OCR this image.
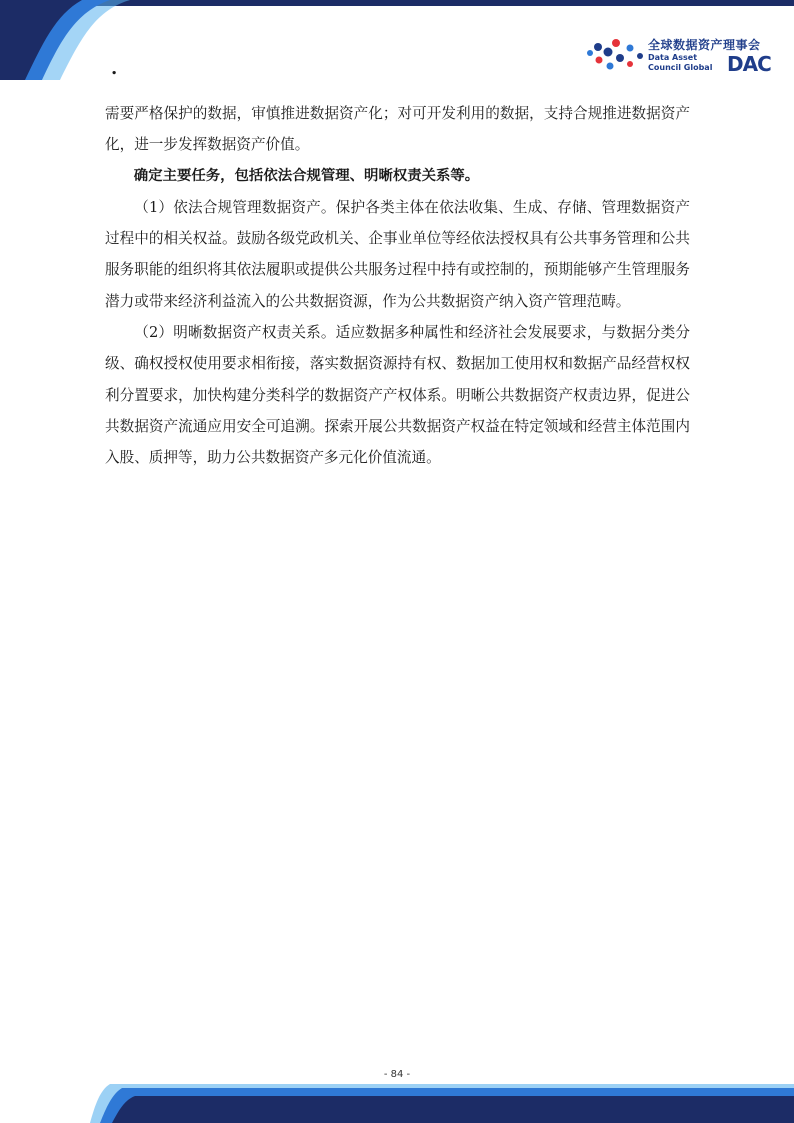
.
全球数据资产理事会
Data Asset
Council Global DAC

需要严格保护的数据，审慎推进数据资产化；对可开发利用的数据，支持合规推进数据资产化，进一步发挥数据资产价值。

确定主要任务，包括依法合规管理、明晰权责关系等。

（1）依法合规管理数据资产。保护各类主体在依法收集、生成、存储、管理数据资产过程中的相关权益。鼓励各级党政机关、企事业单位等经依法授权具有公共事务管理和公共服务职能的组织将其依法履职或提供公共服务过程中持有或控制的，预期能够产生管理服务潜力或带来经济利益流入的公共数据资源，作为公共数据资产纳入资产管理范畴。

（2）明晰数据资产权责关系。适应数据多种属性和经济社会发展要求，与数据分类分级、确权授权使用要求相衔接，落实数据资源持有权、数据加工使用权和数据产品经营权权利分置要求，加快构建分类科学的数据资产产权体系。明晰公共数据资产权责边界，促进公共数据资产流通应用安全可追溯。探索开展公共数据资产权益在特定领域和经营主体范围内入股、质押等，助力公共数据资产多元化价值流通。

- 84 -
